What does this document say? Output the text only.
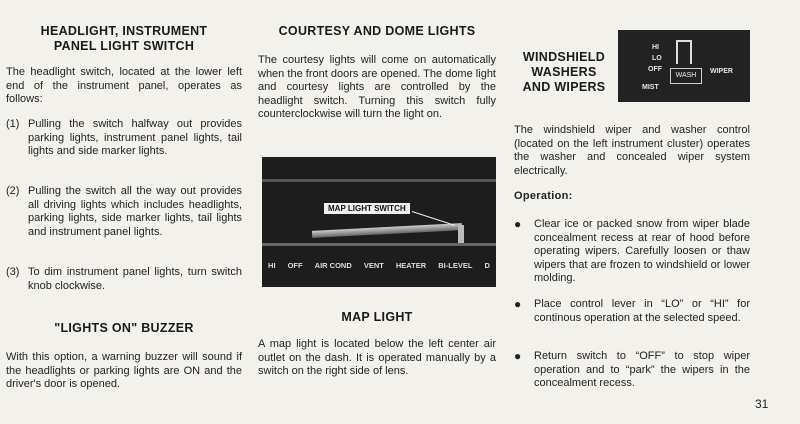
HEADLIGHT, INSTRUMENT
PANEL LIGHT SWITCH

The headlight switch, located at the lower left end of the instrument panel, operates as follows:

(1) Pulling the switch halfway out provides parking lights, instrument panel lights, tail lights and side marker lights.
(2) Pulling the switch all the way out provides all driving lights which includes headlights, parking lights, side marker lights, tail lights and instrument panel lights.
(3) To dim instrument panel lights, turn switch knob clockwise.
"LIGHTS ON" BUZZER

With this option, a warning buzzer will sound if the headlights or parking lights are ON and the driver's door is opened.

COURTESY AND DOME LIGHTS

The courtesy lights will come on automatically when the front doors are opened. The dome light and courtesy lights are controlled by the headlight switch. Turning this switch fully counterclockwise will turn the light on.

MAP LIGHT

A map light is located below the left center air outlet on the dash. It is operated manually by a switch on the right side of lens.

MAP LIGHT SWITCH
HI OFF AIR COND VENT HEATER BI-LEVEL D
WINDSHIELD
WASHERS
AND WIPERS

The windshield wiper and washer control (located on the left instrument cluster) operates the washer and concealed wiper system electrically.

Operation:
●	Clear ice or packed snow from wiper blade concealment recess at rear of hood before operating wipers. Carefully loosen or thaw wipers that are frozen to windshield or lower molding.
●	Place control lever in “LO” or “HI” for continous operation at the selected speed.
●	Return switch to “OFF” to stop wiper operation and to “park” the wipers in the concealment recess.
HI
LO
OFF
MIST
WASH
WIPER
31
